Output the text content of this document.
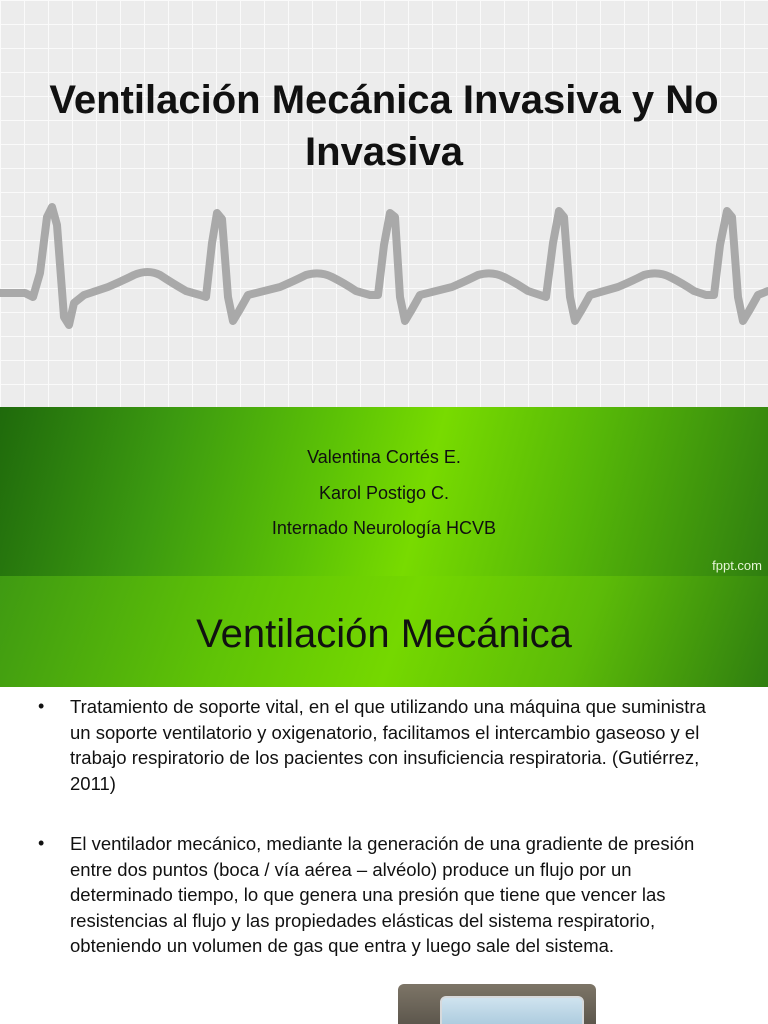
Ventilación Mecánica Invasiva y No Invasiva
Valentina Cortés E.
Karol Postigo C.
Internado Neurología HCVB
fppt.com
Ventilación Mecánica
• Tratamiento de soporte vital, en el que utilizando una máquina que suministra un soporte ventilatorio y oxigenatorio, facilitamos el intercambio gaseoso y el trabajo respiratorio de los pacientes con insuficiencia respiratoria. (Gutiérrez, 2011)

• El ventilador mecánico, mediante la generación de una gradiente de presión entre dos puntos (boca / vía aérea – alvéolo) produce un flujo por un determinado tiempo, lo que genera una presión que tiene que vencer las resistencias al flujo y las propiedades elásticas del sistema respiratorio, obteniendo un volumen de gas que entra y luego sale del sistema.
